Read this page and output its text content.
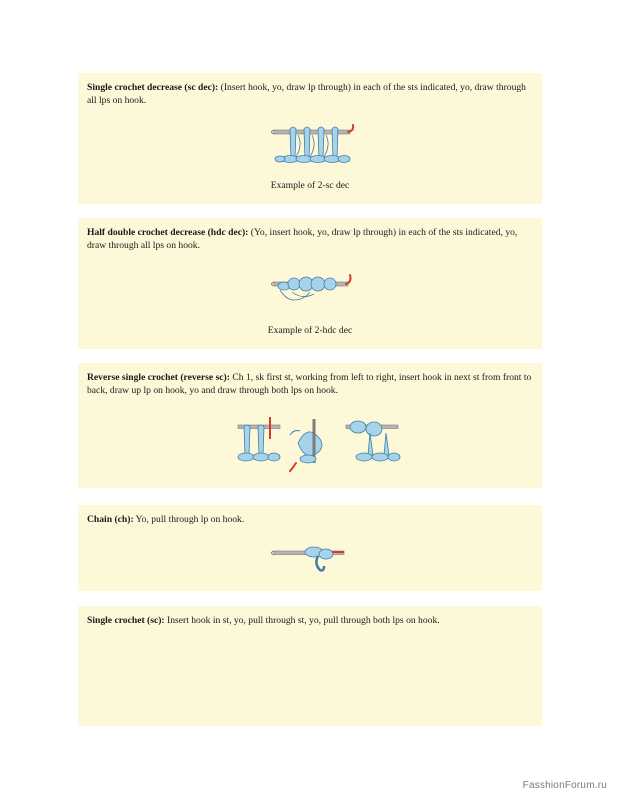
Single crochet decrease (sc dec): (Insert hook, yo, draw lp through) in each of the sts indicated, yo, draw through all lps on hook.

Example of 2-sc dec

Half double crochet decrease (hdc dec): (Yo, insert hook, yo, draw lp through) in each of the sts indicated, yo, draw through all lps on hook.

Example of 2-hdc dec

Reverse single crochet (reverse sc): Ch 1, sk first st, working from left to right, insert hook in next st from front to back, draw up lp on hook, yo and draw through both lps on hook.

Chain (ch): Yo, pull through lp on hook.

Single crochet (sc): Insert hook in st, yo, pull through st, yo, pull through both lps on hook.

FasshionForum.ru
